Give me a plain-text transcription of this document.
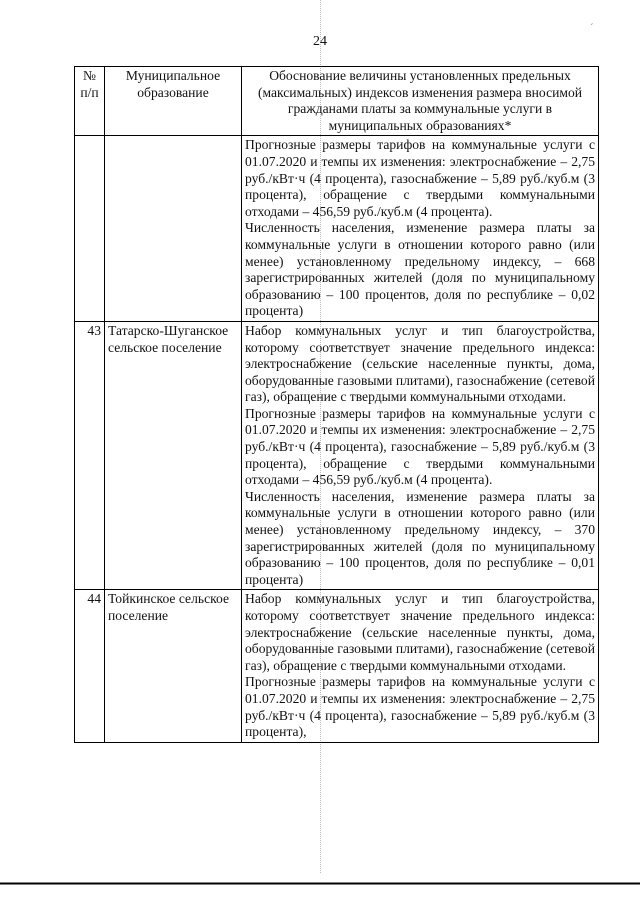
ˊ
24
№ п/п	Муниципальное образование	Обоснование величины установленных предельных (максимальных) индексов изменения размера вносимой гражданами платы за коммунальные услуги в муниципальных образованиях*

		Прогнозные размеры тарифов на коммунальные услуги с 01.07.2020 и темпы их изменения: электроснабжение – 2,75 руб./кВт·ч (4 процента), газоснабжение – 5,89 руб./куб.м (3 процента), обращение с твердыми коммунальными отходами – 456,59 руб./куб.м (4 процента).

Численность населения, изменение размера платы за коммунальные услуги в отношении которого равно (или менее) установленному предельному индексу, – 668 зарегистрированных жителей (доля по муниципальному образованию – 100 процентов, доля по республике – 0,02 процента)

43	Татарско-Шуганское сельское поселение	Набор коммунальных услуг и тип благоустройства, которому соответствует значение предельного индекса: электроснабжение (сельские населенные пункты, дома, оборудованные газовыми плитами), газоснабжение (сетевой газ), обращение с твердыми коммунальными отходами.

Прогнозные размеры тарифов на коммунальные услуги с 01.07.2020 и темпы их изменения: электроснабжение – 2,75 руб./кВт·ч (4 процента), газоснабжение – 5,89 руб./куб.м (3 процента), обращение с твердыми коммунальными отходами – 456,59 руб./куб.м (4 процента).

Численность населения, изменение размера платы за коммунальные услуги в отношении которого равно (или менее) установленному предельному индексу, – 370 зарегистрированных жителей (доля по муниципальному образованию – 100 процентов, доля по республике – 0,01 процента)

44	Тойкинское сельское поселение	Набор коммунальных услуг и тип благоустройства, которому соответствует значение предельного индекса: электроснабжение (сельские населенные пункты, дома, оборудованные газовыми плитами), газоснабжение (сетевой газ), обращение с твердыми коммунальными отходами.

Прогнозные размеры тарифов на коммунальные услуги с 01.07.2020 и темпы их изменения: электроснабжение – 2,75 руб./кВт·ч (4 процента), газоснабжение – 5,89 руб./куб.м (3 процента),
